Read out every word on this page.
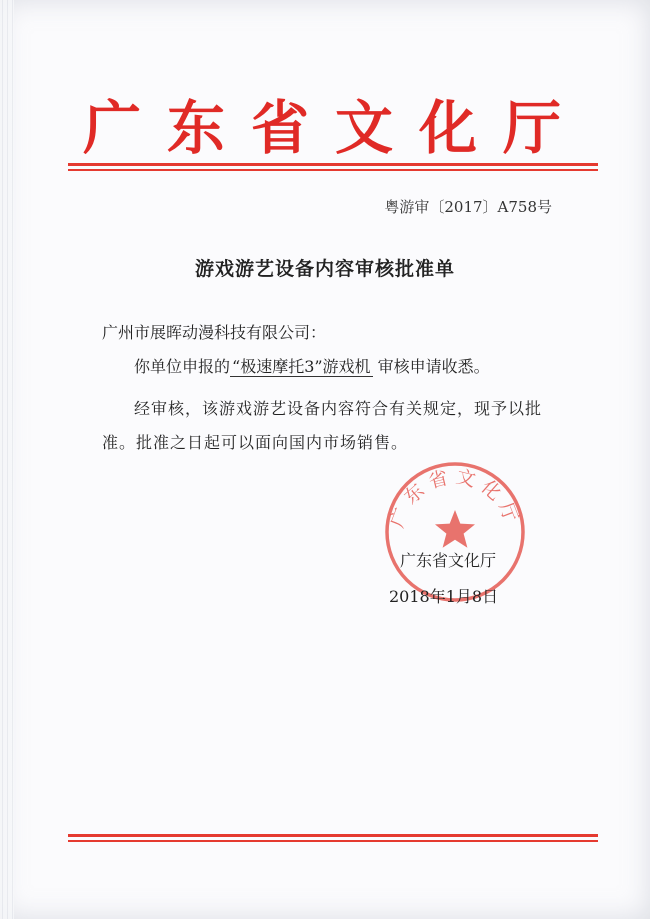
广东省文化厅
粤游审〔2017〕A758号
游戏游艺设备内容审核批准单
广州市展晖动漫科技有限公司：
你单位申报的 “极速摩托3”游戏机 审核申请收悉。
经审核，该游戏游艺设备内容符合有关规定，现予以批准。批准之日起可以面向国内市场销售。
广东省文化厅
广东省文化厅
2018年1月8日
